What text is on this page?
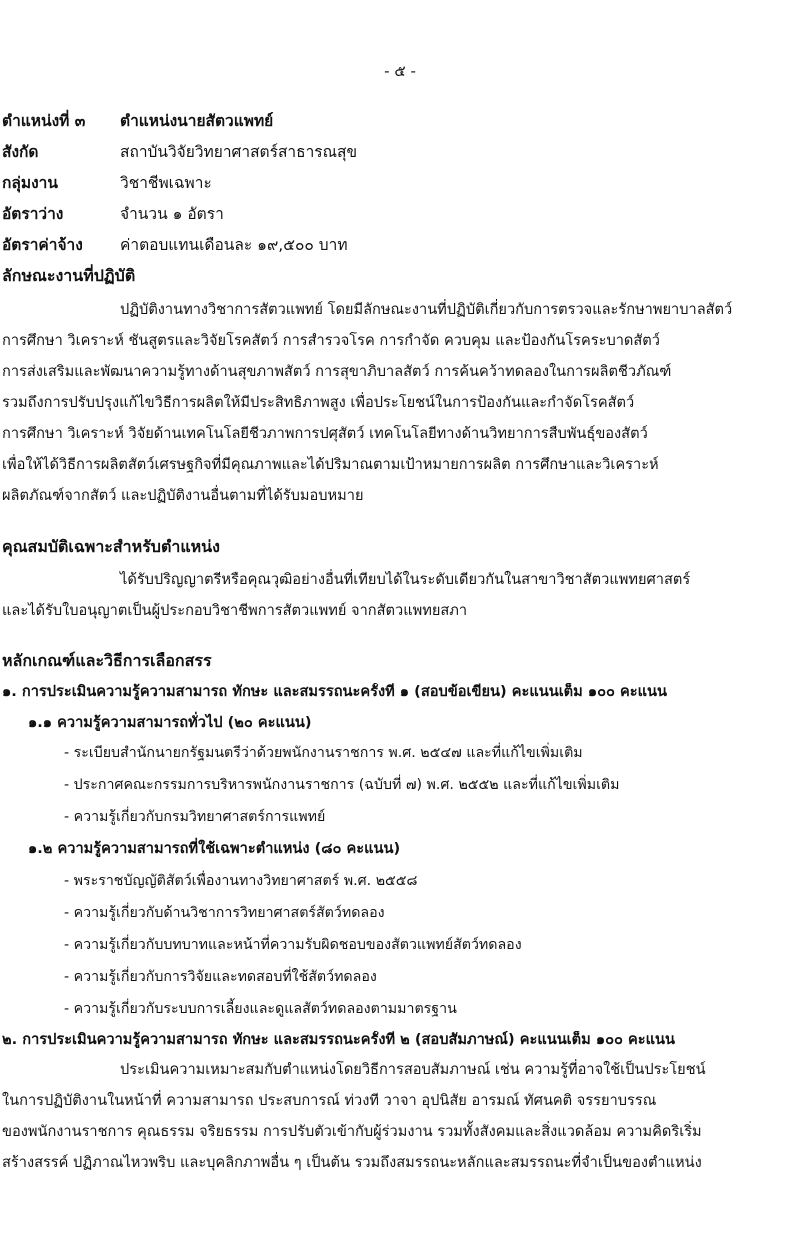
- ๕ -
ตำแหน่งที่ ๓	ตำแหน่งนายสัตวแพทย์
สังกัด	สถาบันวิจัยวิทยาศาสตร์สาธารณสุข
กลุ่มงาน	วิชาชีพเฉพาะ
อัตราว่าง	จำนวน ๑ อัตรา
อัตราค่าจ้าง	ค่าตอบแทนเดือนละ ๑๙,๕๐๐ บาท
ลักษณะงานที่ปฏิบัติ
ปฏิบัติงานทางวิชาการสัตวแพทย์ โดยมีลักษณะงานที่ปฏิบัติเกี่ยวกับการตรวจและรักษาพยาบาลสัตว์
การศึกษา วิเคราะห์ ชันสูตรและวิจัยโรคสัตว์ การสำรวจโรค การกำจัด ควบคุม และป้องกันโรคระบาดสัตว์
การส่งเสริมและพัฒนาความรู้ทางด้านสุขภาพสัตว์ การสุขาภิบาลสัตว์ การค้นคว้าทดลองในการผลิตชีวภัณฑ์
รวมถึงการปรับปรุงแก้ไขวิธีการผลิตให้มีประสิทธิภาพสูง เพื่อประโยชน์ในการป้องกันและกำจัดโรคสัตว์
การศึกษา วิเคราะห์ วิจัยด้านเทคโนโลยีชีวภาพการปศุสัตว์ เทคโนโลยีทางด้านวิทยาการสืบพันธุ์ของสัตว์
เพื่อให้ได้วิธีการผลิตสัตว์เศรษฐกิจที่มีคุณภาพและได้ปริมาณตามเป้าหมายการผลิต การศึกษาและวิเคราะห์
ผลิตภัณฑ์จากสัตว์ และปฏิบัติงานอื่นตามที่ได้รับมอบหมาย
คุณสมบัติเฉพาะสำหรับตำแหน่ง
ได้รับปริญญาตรีหรือคุณวุฒิอย่างอื่นที่เทียบได้ในระดับเดียวกันในสาขาวิชาสัตวแพทยศาสตร์
และได้รับใบอนุญาตเป็นผู้ประกอบวิชาชีพการสัตวแพทย์ จากสัตวแพทยสภา
หลักเกณฑ์และวิธีการเลือกสรร
๑. การประเมินความรู้ความสามารถ ทักษะ และสมรรถนะครั้งที่ ๑ (สอบข้อเขียน) คะแนนเต็ม ๑๐๐ คะแนน
๑.๑ ความรู้ความสามารถทั่วไป (๒๐ คะแนน)
- ระเบียบสำนักนายกรัฐมนตรีว่าด้วยพนักงานราชการ พ.ศ. ๒๕๔๗ และที่แก้ไขเพิ่มเติม
- ประกาศคณะกรรมการบริหารพนักงานราชการ (ฉบับที่ ๗) พ.ศ. ๒๕๕๒ และที่แก้ไขเพิ่มเติม
- ความรู้เกี่ยวกับกรมวิทยาศาสตร์การแพทย์
๑.๒ ความรู้ความสามารถที่ใช้เฉพาะตำแหน่ง (๘๐ คะแนน)
- พระราชบัญญัติสัตว์เพื่องานทางวิทยาศาสตร์ พ.ศ. ๒๕๕๘
- ความรู้เกี่ยวกับด้านวิชาการวิทยาศาสตร์สัตว์ทดลอง
- ความรู้เกี่ยวกับบทบาทและหน้าที่ความรับผิดชอบของสัตวแพทย์สัตว์ทดลอง
- ความรู้เกี่ยวกับการวิจัยและทดสอบที่ใช้สัตว์ทดลอง
- ความรู้เกี่ยวกับระบบการเลี้ยงและดูแลสัตว์ทดลองตามมาตรฐาน
๒. การประเมินความรู้ความสามารถ ทักษะ และสมรรถนะครั้งที่ ๒ (สอบสัมภาษณ์) คะแนนเต็ม ๑๐๐ คะแนน
ประเมินความเหมาะสมกับตำแหน่งโดยวิธีการสอบสัมภาษณ์ เช่น ความรู้ที่อาจใช้เป็นประโยชน์
ในการปฏิบัติงานในหน้าที่ ความสามารถ ประสบการณ์ ท่วงที วาจา อุปนิสัย อารมณ์ ทัศนคติ จรรยาบรรณ
ของพนักงานราชการ คุณธรรม จริยธรรม การปรับตัวเข้ากับผู้ร่วมงาน รวมทั้งสังคมและสิ่งแวดล้อม ความคิดริเริ่ม
สร้างสรรค์ ปฏิภาณไหวพริบ และบุคลิกภาพอื่น ๆ เป็นต้น รวมถึงสมรรถนะหลักและสมรรถนะที่จำเป็นของตำแหน่ง
